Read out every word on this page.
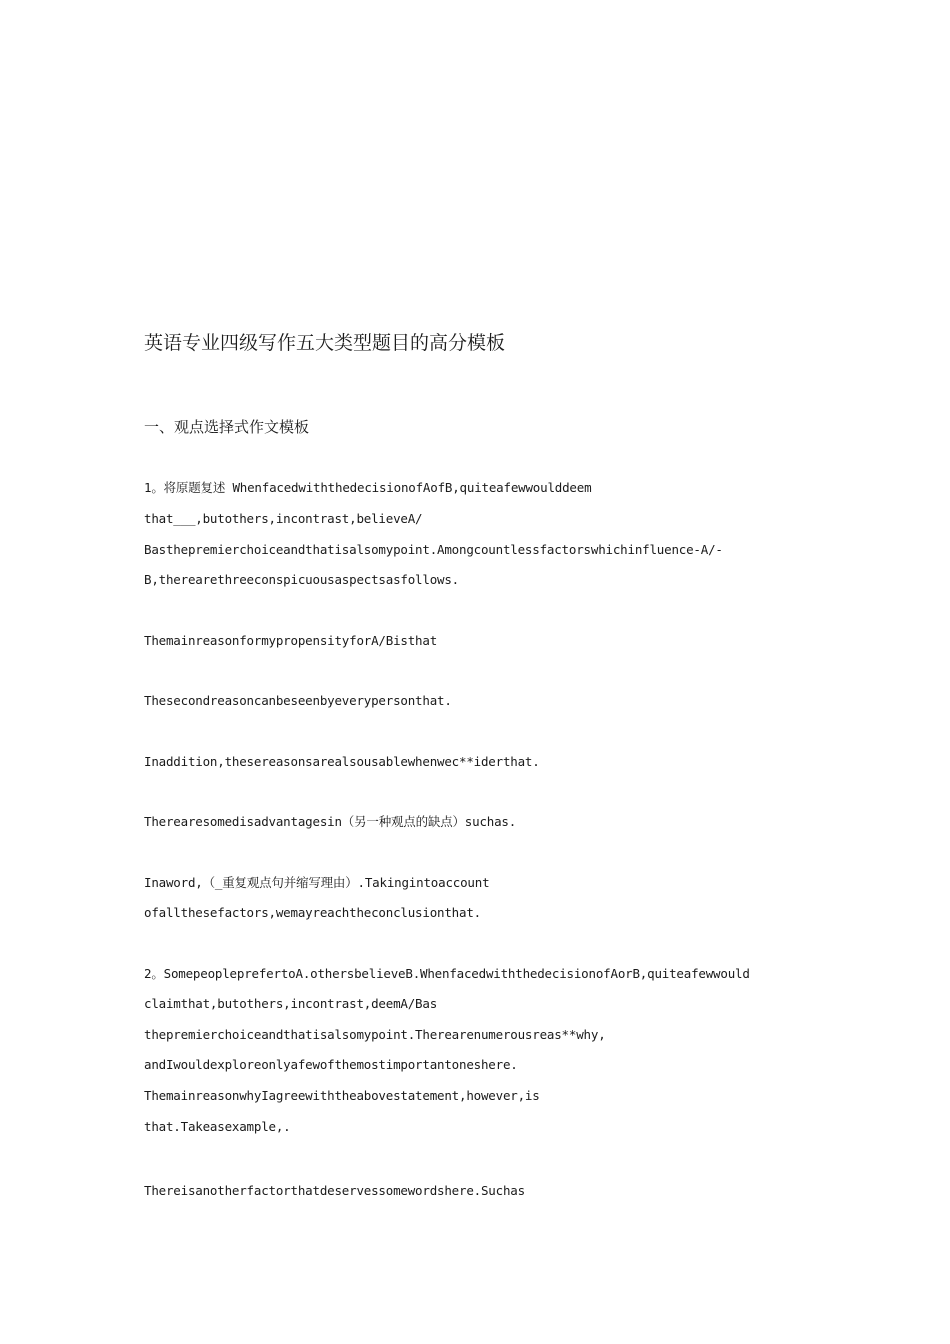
英语专业四级写作五大类型题目的高分模板
一、观点选择式作文模板
1。将原题复述 WhenfacedwiththedecisionofAofB,quiteafewwoulddeem
that___,butothers,incontrast,believeA/
Basthepremierchoiceandthatisalsomypoint.Amongcountlessfactorswhichinfluence-A/-
B,therearethreeconspicuousaspectsasfollows.
ThemainreasonformypropensityforA/Bisthat
Thesecondreasoncanbeseenbyeverypersonthat.
Inaddition,thesereasonsarealsousablewhenwec**iderthat.
Therearesomedisadvantagesin（另一种观点的缺点）suchas.
Inaword,（_重复观点句并缩写理由）.Takingintoaccount
ofallthesefactors,wemayreachtheconclusionthat.
2。SomepeopleprefertoA.othersbelieveB.WhenfacedwiththedecisionofAorB,quiteafewwould
claimthat,butothers,incontrast,deemA/Bas
thepremierchoiceandthatisalsomypoint.Therearenumerousreas**why,
andIwouldexploreonlyafewofthemostimportantoneshere.
ThemainreasonwhyIagreewiththeabovestatement,however,is
that.Takeasexample,.
Thereisanotherfactorthatdeservessomewordshere.Suchas
